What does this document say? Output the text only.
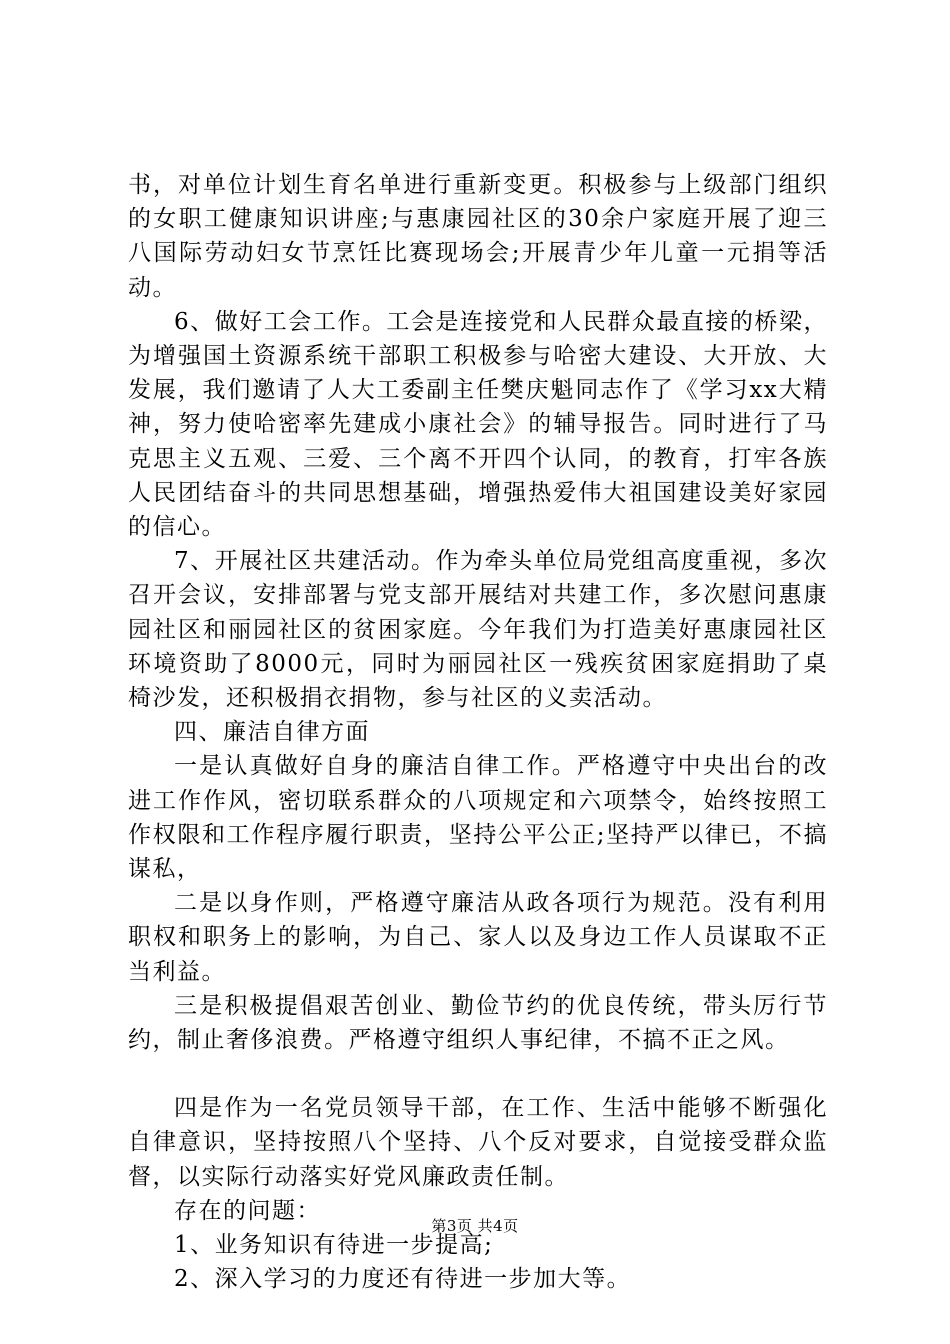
书，对单位计划生育名单进行重新变更。积极参与上级部门组织的女职工健康知识讲座;与惠康园社区的30余户家庭开展了迎三八国际劳动妇女节烹饪比赛现场会;开展青少年儿童一元捐等活动。

6、做好工会工作。工会是连接党和人民群众最直接的桥梁，为增强国土资源系统干部职工积极参与哈密大建设、大开放、大发展，我们邀请了人大工委副主任樊庆魁同志作了《学习xx大精神，努力使哈密率先建成小康社会》的辅导报告。同时进行了马克思主义五观、三爱、三个离不开四个认同，的教育，打牢各族人民团结奋斗的共同思想基础，增强热爱伟大祖国建设美好家园的信心。

7、开展社区共建活动。作为牵头单位局党组高度重视，多次召开会议，安排部署与党支部开展结对共建工作，多次慰问惠康园社区和丽园社区的贫困家庭。今年我们为打造美好惠康园社区环境资助了8000元，同时为丽园社区一残疾贫困家庭捐助了桌椅沙发，还积极捐衣捐物，参与社区的义卖活动。

四、廉洁自律方面

一是认真做好自身的廉洁自律工作。严格遵守中央出台的改进工作作风，密切联系群众的八项规定和六项禁令，始终按照工作权限和工作程序履行职责，坚持公平公正;坚持严以律已，不搞谋私，

二是以身作则，严格遵守廉洁从政各项行为规范。没有利用职权和职务上的影响，为自己、家人以及身边工作人员谋取不正当利益。

三是积极提倡艰苦创业、勤俭节约的优良传统，带头厉行节约，制止奢侈浪费。严格遵守组织人事纪律，不搞不正之风。

四是作为一名党员领导干部，在工作、生活中能够不断强化自律意识，坚持按照八个坚持、八个反对要求，自觉接受群众监督，以实际行动落实好党风廉政责任制。

存在的问题：

1、业务知识有待进一步提高;

2、深入学习的力度还有待进一步加大等。

第3页 共4页
